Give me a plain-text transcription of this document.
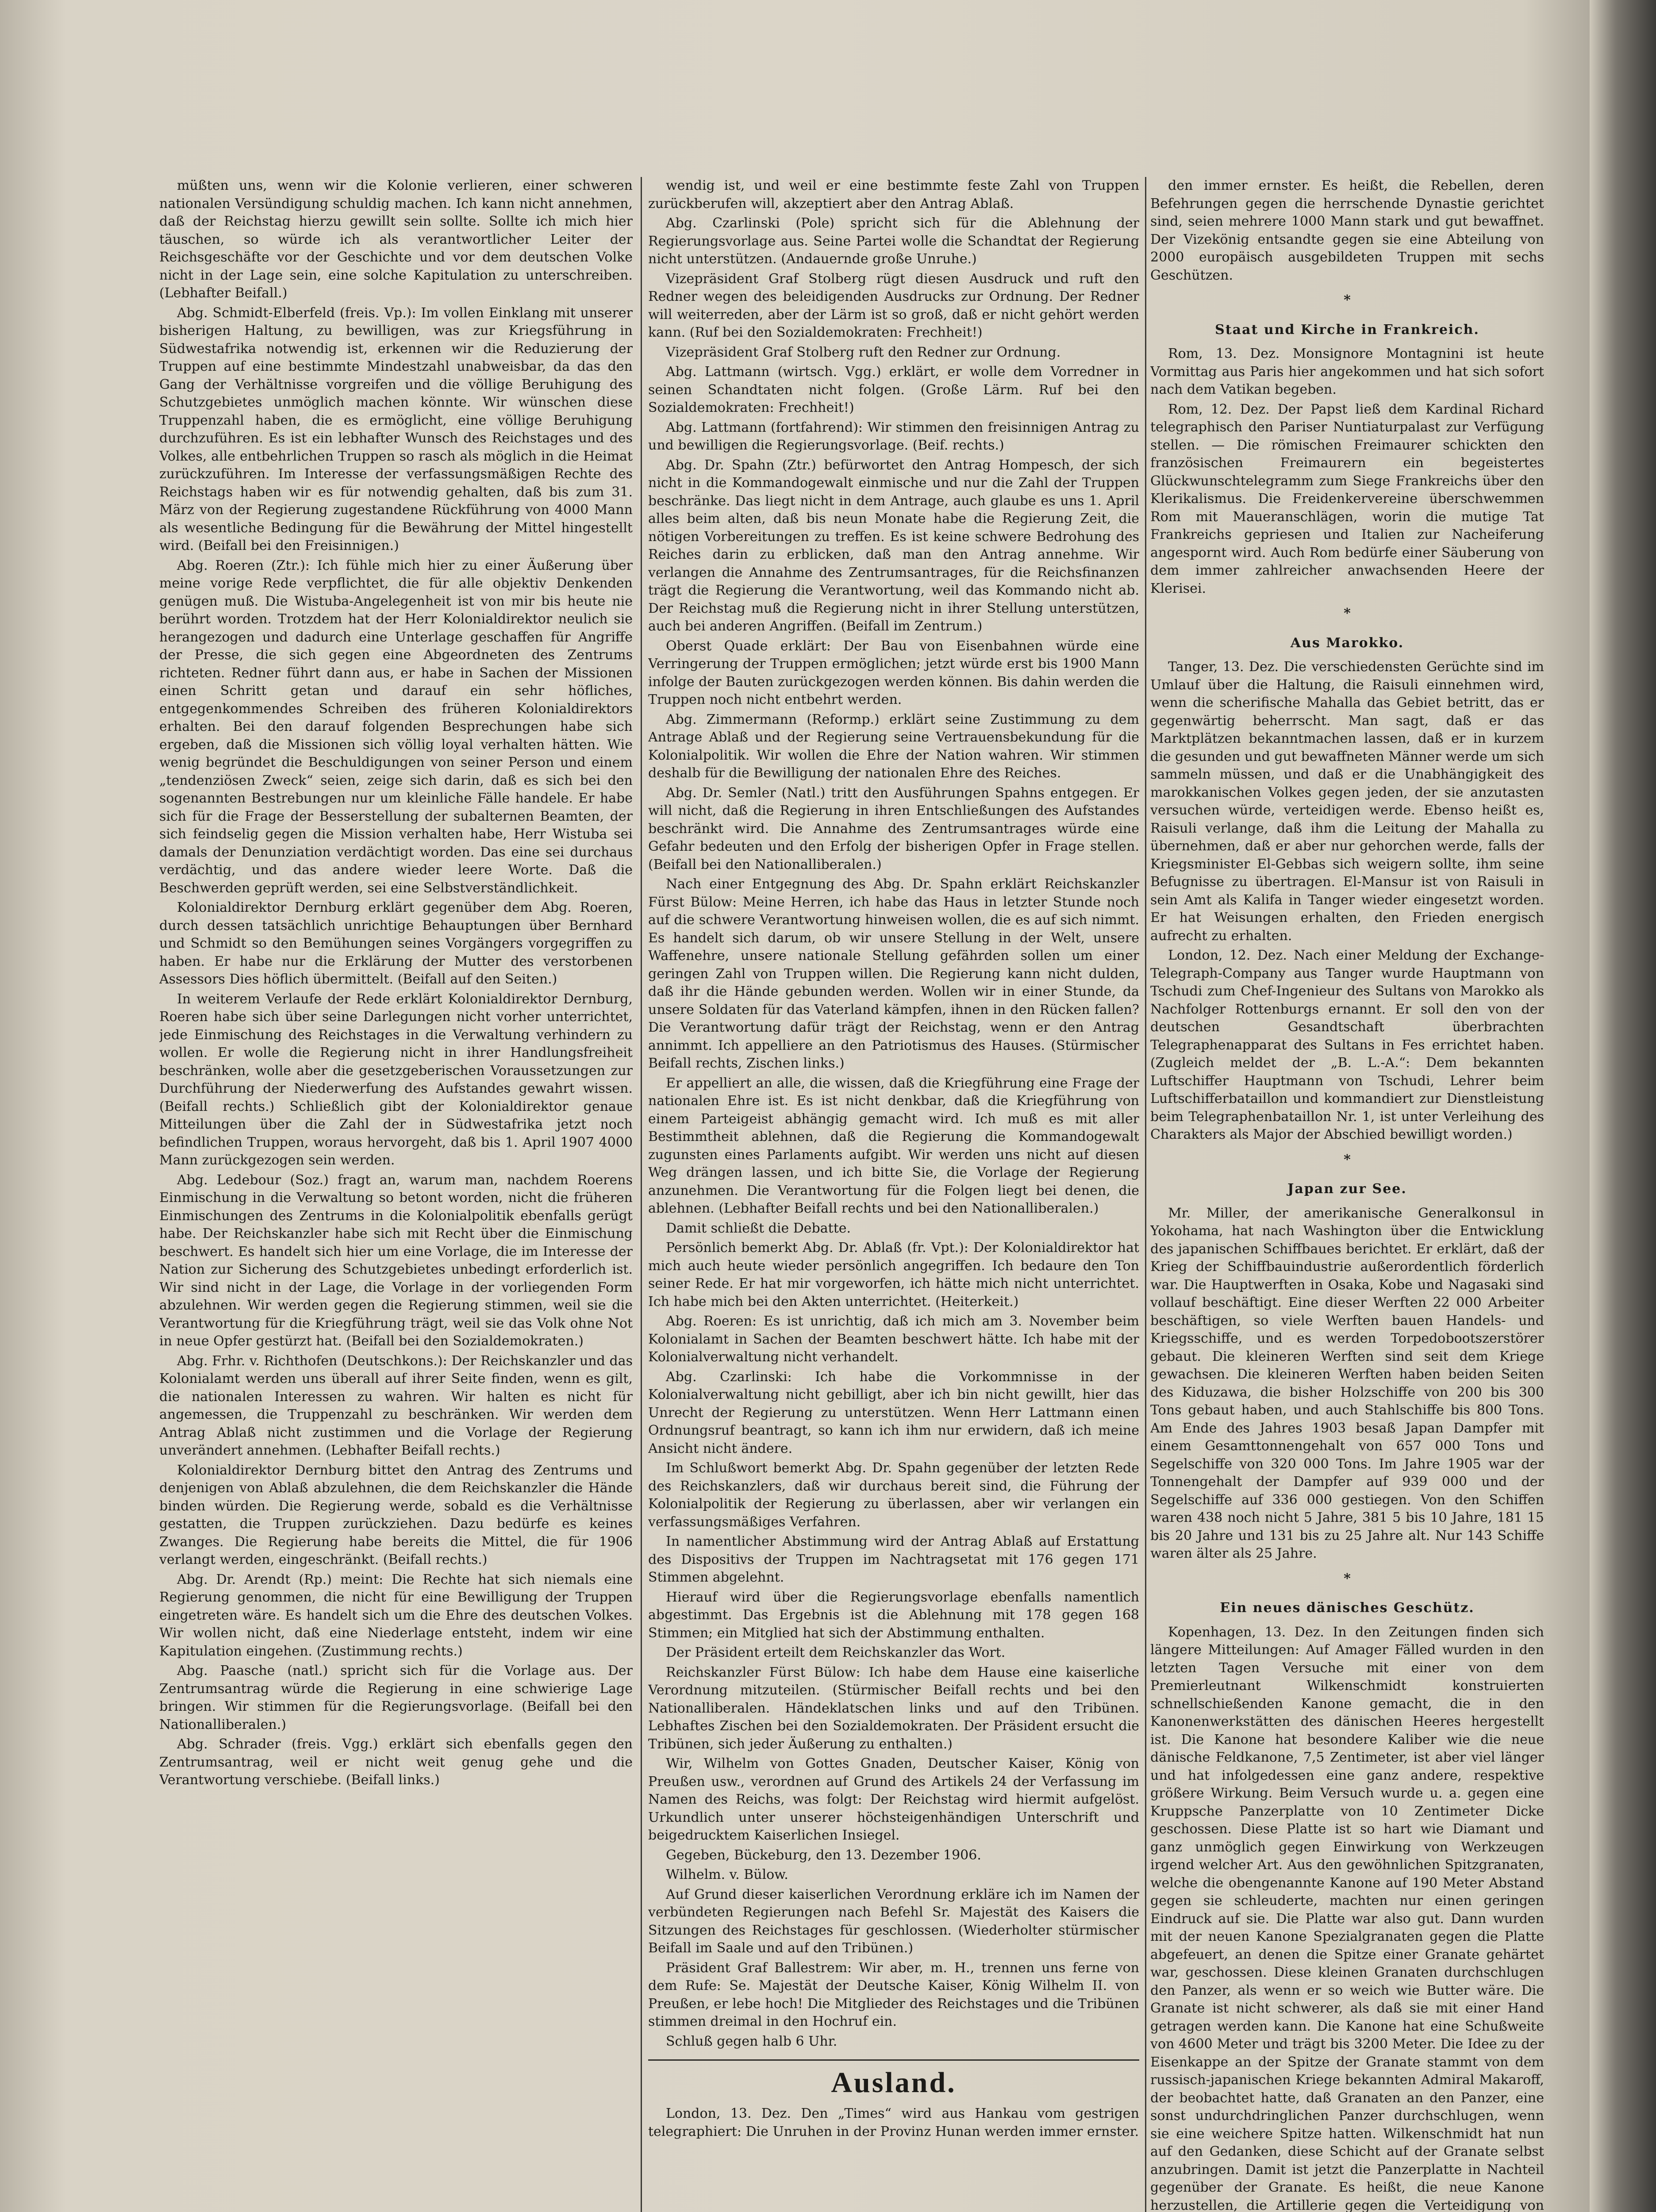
müßten uns, wenn wir die Kolonie verlieren, einer schweren nationalen Versündigung schuldig machen. Ich kann nicht annehmen, daß der Reichstag hierzu gewillt sein sollte. Sollte ich mich hier täuschen, so würde ich als verantwortlicher Leiter der Reichsgeschäfte vor der Geschichte und vor dem deutschen Volke nicht in der Lage sein, eine solche Kapitulation zu unterschreiben. (Lebhafter Beifall.)

Abg. Schmidt-Elberfeld (freis. Vp.): Im vollen Einklang mit unserer bisherigen Haltung, zu bewilligen, was zur Kriegsführung in Südwestafrika notwendig ist, erkennen wir die Reduzierung der Truppen auf eine bestimmte Mindestzahl unabweisbar, da das den Gang der Verhältnisse vorgreifen und die völlige Beruhigung des Schutzgebietes unmöglich machen könnte. Wir wünschen diese Truppenzahl haben, die es ermöglicht, eine völlige Beruhigung durchzuführen. Es ist ein lebhafter Wunsch des Reichstages und des Volkes, alle entbehrlichen Truppen so rasch als möglich in die Heimat zurückzuführen. Im Interesse der verfassungsmäßigen Rechte des Reichstags haben wir es für notwendig gehalten, daß bis zum 31. März von der Regierung zugestandene Rückführung von 4000 Mann als wesentliche Bedingung für die Bewährung der Mittel hingestellt wird. (Beifall bei den Freisinnigen.)

Abg. Roeren (Ztr.): Ich fühle mich hier zu einer Äußerung über meine vorige Rede verpflichtet, die für alle objektiv Denkenden genügen muß. Die Wistuba-Angelegenheit ist von mir bis heute nie berührt worden. Trotzdem hat der Herr Kolonialdirektor neulich sie herangezogen und dadurch eine Unterlage geschaffen für Angriffe der Presse, die sich gegen eine Abgeordneten des Zentrums richteten. Redner führt dann aus, er habe in Sachen der Missionen einen Schritt getan und darauf ein sehr höfliches, entgegenkommendes Schreiben des früheren Kolonialdirektors erhalten. Bei den darauf folgenden Besprechungen habe sich ergeben, daß die Missionen sich völlig loyal verhalten hätten. Wie wenig begründet die Beschuldigungen von seiner Person und einem „tendenziösen Zweck“ seien, zeige sich darin, daß es sich bei den sogenannten Bestrebungen nur um kleinliche Fälle handele. Er habe sich für die Frage der Besserstellung der subalternen Beamten, der sich feindselig gegen die Mission verhalten habe, Herr Wistuba sei damals der Denunziation verdächtigt worden. Das eine sei durchaus verdächtig, und das andere wieder leere Worte. Daß die Beschwerden geprüft werden, sei eine Selbstverständlichkeit.

Kolonialdirektor Dernburg erklärt gegenüber dem Abg. Roeren, durch dessen tatsächlich unrichtige Behauptungen über Bernhard und Schmidt so den Bemühungen seines Vorgängers vorgegriffen zu haben. Er habe nur die Erklärung der Mutter des verstorbenen Assessors Dies höflich übermittelt. (Beifall auf den Seiten.)

In weiterem Verlaufe der Rede erklärt Kolonialdirektor Dernburg, Roeren habe sich über seine Darlegungen nicht vorher unterrichtet, jede Einmischung des Reichstages in die Verwaltung verhindern zu wollen. Er wolle die Regierung nicht in ihrer Handlungsfreiheit beschränken, wolle aber die gesetzgeberischen Voraussetzungen zur Durchführung der Niederwerfung des Aufstandes gewahrt wissen. (Beifall rechts.) Schließlich gibt der Kolonialdirektor genaue Mitteilungen über die Zahl der in Südwestafrika jetzt noch befindlichen Truppen, woraus hervorgeht, daß bis 1. April 1907 4000 Mann zurückgezogen sein werden.

Abg. Ledebour (Soz.) fragt an, warum man, nachdem Roerens Einmischung in die Verwaltung so betont worden, nicht die früheren Einmischungen des Zentrums in die Kolonialpolitik ebenfalls gerügt habe. Der Reichskanzler habe sich mit Recht über die Einmischung beschwert. Es handelt sich hier um eine Vorlage, die im Interesse der Nation zur Sicherung des Schutzgebietes unbedingt erforderlich ist. Wir sind nicht in der Lage, die Vorlage in der vorliegenden Form abzulehnen. Wir werden gegen die Regierung stimmen, weil sie die Verantwortung für die Kriegführung trägt, weil sie das Volk ohne Not in neue Opfer gestürzt hat. (Beifall bei den Sozialdemokraten.)

Abg. Frhr. v. Richthofen (Deutschkons.): Der Reichskanzler und das Kolonialamt werden uns überall auf ihrer Seite finden, wenn es gilt, die nationalen Interessen zu wahren. Wir halten es nicht für angemessen, die Truppenzahl zu beschränken. Wir werden dem Antrag Ablaß nicht zustimmen und die Vorlage der Regierung unverändert annehmen. (Lebhafter Beifall rechts.)

Kolonialdirektor Dernburg bittet den Antrag des Zentrums und denjenigen von Ablaß abzulehnen, die dem Reichskanzler die Hände binden würden. Die Regierung werde, sobald es die Verhältnisse gestatten, die Truppen zurückziehen. Dazu bedürfe es keines Zwanges. Die Regierung habe bereits die Mittel, die für 1906 verlangt werden, eingeschränkt. (Beifall rechts.)

Abg. Dr. Arendt (Rp.) meint: Die Rechte hat sich niemals eine Regierung genommen, die nicht für eine Bewilligung der Truppen eingetreten wäre. Es handelt sich um die Ehre des deutschen Volkes. Wir wollen nicht, daß eine Niederlage entsteht, indem wir eine Kapitulation eingehen. (Zustimmung rechts.)

Abg. Paasche (natl.) spricht sich für die Vorlage aus. Der Zentrumsantrag würde die Regierung in eine schwierige Lage bringen. Wir stimmen für die Regierungsvorlage. (Beifall bei den Nationalliberalen.)

Abg. Schrader (freis. Vgg.) erklärt sich ebenfalls gegen den Zentrumsantrag, weil er nicht weit genug gehe und die Verantwortung verschiebe. (Beifall links.)

wendig ist, und weil er eine bestimmte feste Zahl von Truppen zurückberufen will, akzeptiert aber den Antrag Ablaß.

Abg. Czarlinski (Pole) spricht sich für die Ablehnung der Regierungsvorlage aus. Seine Partei wolle die Schandtat der Regierung nicht unterstützen. (Andauernde große Unruhe.)

Vizepräsident Graf Stolberg rügt diesen Ausdruck und ruft den Redner wegen des beleidigenden Ausdrucks zur Ordnung. Der Redner will weiterreden, aber der Lärm ist so groß, daß er nicht gehört werden kann. (Ruf bei den Sozialdemokraten: Frechheit!)

Vizepräsident Graf Stolberg ruft den Redner zur Ordnung.

Abg. Lattmann (wirtsch. Vgg.) erklärt, er wolle dem Vorredner in seinen Schandtaten nicht folgen. (Große Lärm. Ruf bei den Sozialdemokraten: Frechheit!)

Abg. Lattmann (fortfahrend): Wir stimmen den freisinnigen Antrag zu und bewilligen die Regierungsvorlage. (Beif. rechts.)

Abg. Dr. Spahn (Ztr.) befürwortet den Antrag Hompesch, der sich nicht in die Kommandogewalt einmische und nur die Zahl der Truppen beschränke. Das liegt nicht in dem Antrage, auch glaube es uns 1. April alles beim alten, daß bis neun Monate habe die Regierung Zeit, die nötigen Vorbereitungen zu treffen. Es ist keine schwere Bedrohung des Reiches darin zu erblicken, daß man den Antrag annehme. Wir verlangen die Annahme des Zentrumsantrages, für die Reichsfinanzen trägt die Regierung die Verantwortung, weil das Kommando nicht ab. Der Reichstag muß die Regierung nicht in ihrer Stellung unterstützen, auch bei anderen Angriffen. (Beifall im Zentrum.)

Oberst Quade erklärt: Der Bau von Eisenbahnen würde eine Verringerung der Truppen ermöglichen; jetzt würde erst bis 1900 Mann infolge der Bauten zurückgezogen werden können. Bis dahin werden die Truppen noch nicht entbehrt werden.

Abg. Zimmermann (Reformp.) erklärt seine Zustimmung zu dem Antrage Ablaß und der Regierung seine Vertrauensbekundung für die Kolonialpolitik. Wir wollen die Ehre der Nation wahren. Wir stimmen deshalb für die Bewilligung der nationalen Ehre des Reiches.

Abg. Dr. Semler (Natl.) tritt den Ausführungen Spahns entgegen. Er will nicht, daß die Regierung in ihren Entschließungen des Aufstandes beschränkt wird. Die Annahme des Zentrumsantrages würde eine Gefahr bedeuten und den Erfolg der bisherigen Opfer in Frage stellen. (Beifall bei den Nationalliberalen.)

Nach einer Entgegnung des Abg. Dr. Spahn erklärt Reichskanzler Fürst Bülow: Meine Herren, ich habe das Haus in letzter Stunde noch auf die schwere Verantwortung hinweisen wollen, die es auf sich nimmt. Es handelt sich darum, ob wir unsere Stellung in der Welt, unsere Waffenehre, unsere nationale Stellung gefährden sollen um einer geringen Zahl von Truppen willen. Die Regierung kann nicht dulden, daß ihr die Hände gebunden werden. Wollen wir in einer Stunde, da unsere Soldaten für das Vaterland kämpfen, ihnen in den Rücken fallen? Die Verantwortung dafür trägt der Reichstag, wenn er den Antrag annimmt. Ich appelliere an den Patriotismus des Hauses. (Stürmischer Beifall rechts, Zischen links.)

Er appelliert an alle, die wissen, daß die Kriegführung eine Frage der nationalen Ehre ist. Es ist nicht denkbar, daß die Kriegführung von einem Parteigeist abhängig gemacht wird. Ich muß es mit aller Bestimmtheit ablehnen, daß die Regierung die Kommandogewalt zugunsten eines Parlaments aufgibt. Wir werden uns nicht auf diesen Weg drängen lassen, und ich bitte Sie, die Vorlage der Regierung anzunehmen. Die Verantwortung für die Folgen liegt bei denen, die ablehnen. (Lebhafter Beifall rechts und bei den Nationalliberalen.)

Damit schließt die Debatte.

Persönlich bemerkt Abg. Dr. Ablaß (fr. Vpt.): Der Kolonialdirektor hat mich auch heute wieder persönlich angegriffen. Ich bedaure den Ton seiner Rede. Er hat mir vorgeworfen, ich hätte mich nicht unterrichtet. Ich habe mich bei den Akten unterrichtet. (Heiterkeit.)

Abg. Roeren: Es ist unrichtig, daß ich mich am 3. November beim Kolonialamt in Sachen der Beamten beschwert hätte. Ich habe mit der Kolonialverwaltung nicht verhandelt.

Abg. Czarlinski: Ich habe die Vorkommnisse in der Kolonialverwaltung nicht gebilligt, aber ich bin nicht gewillt, hier das Unrecht der Regierung zu unterstützen. Wenn Herr Lattmann einen Ordnungsruf beantragt, so kann ich ihm nur erwidern, daß ich meine Ansicht nicht ändere.

Im Schlußwort bemerkt Abg. Dr. Spahn gegenüber der letzten Rede des Reichskanzlers, daß wir durchaus bereit sind, die Führung der Kolonialpolitik der Regierung zu überlassen, aber wir verlangen ein verfassungsmäßiges Verfahren.

In namentlicher Abstimmung wird der Antrag Ablaß auf Erstattung des Dispositivs der Truppen im Nachtragsetat mit 176 gegen 171 Stimmen abgelehnt.

Hierauf wird über die Regierungsvorlage ebenfalls namentlich abgestimmt. Das Ergebnis ist die Ablehnung mit 178 gegen 168 Stimmen; ein Mitglied hat sich der Abstimmung enthalten.

Der Präsident erteilt dem Reichskanzler das Wort.

Reichskanzler Fürst Bülow: Ich habe dem Hause eine kaiserliche Verordnung mitzuteilen. (Stürmischer Beifall rechts und bei den Nationalliberalen. Händeklatschen links und auf den Tribünen. Lebhaftes Zischen bei den Sozialdemokraten. Der Präsident ersucht die Tribünen, sich jeder Äußerung zu enthalten.)

Wir, Wilhelm von Gottes Gnaden, Deutscher Kaiser, König von Preußen usw., verordnen auf Grund des Artikels 24 der Verfassung im Namen des Reichs, was folgt: Der Reichstag wird hiermit aufgelöst. Urkundlich unter unserer höchsteigenhändigen Unterschrift und beigedrucktem Kaiserlichen Insiegel.

Gegeben, Bückeburg, den 13. Dezember 1906.

Wilhelm. v. Bülow.

Auf Grund dieser kaiserlichen Verordnung erkläre ich im Namen der verbündeten Regierungen nach Befehl Sr. Majestät des Kaisers die Sitzungen des Reichstages für geschlossen. (Wiederholter stürmischer Beifall im Saale und auf den Tribünen.)

Präsident Graf Ballestrem: Wir aber, m. H., trennen uns ferne von dem Rufe: Se. Majestät der Deutsche Kaiser, König Wilhelm II. von Preußen, er lebe hoch! Die Mitglieder des Reichstages und die Tribünen stimmen dreimal in den Hochruf ein.

Schluß gegen halb 6 Uhr.

Ausland.

London, 13. Dez. Den „Times“ wird aus Hankau vom gestrigen telegraphiert: Die Unruhen in der Provinz Hunan werden immer ernster.

den immer ernster. Es heißt, die Rebellen, deren Befehrungen gegen die herrschende Dynastie gerichtet sind, seien mehrere 1000 Mann stark und gut bewaffnet. Der Vizekönig entsandte gegen sie eine Abteilung von 2000 europäisch ausgebildeten Truppen mit sechs Geschützen.

*
Staat und Kirche in Frankreich.

Rom, 13. Dez. Monsignore Montagnini ist heute Vormittag aus Paris hier angekommen und hat sich sofort nach dem Vatikan begeben.

Rom, 12. Dez. Der Papst ließ dem Kardinal Richard telegraphisch den Pariser Nuntiaturpalast zur Verfügung stellen. — Die römischen Freimaurer schickten den französischen Freimaurern ein begeistertes Glückwunschtelegramm zum Siege Frankreichs über den Klerikalismus. Die Freidenkervereine überschwemmen Rom mit Maueranschlägen, worin die mutige Tat Frankreichs gepriesen und Italien zur Nacheiferung angespornt wird. Auch Rom bedürfe einer Säuberung von dem immer zahlreicher anwachsenden Heere der Klerisei.

*
Aus Marokko.

Tanger, 13. Dez. Die verschiedensten Gerüchte sind im Umlauf über die Haltung, die Raisuli einnehmen wird, wenn die scherifische Mahalla das Gebiet betritt, das er gegenwärtig beherrscht. Man sagt, daß er das Marktplätzen bekanntmachen lassen, daß er in kurzem die gesunden und gut bewaffneten Männer werde um sich sammeln müssen, und daß er die Unabhängigkeit des marokkanischen Volkes gegen jeden, der sie anzutasten versuchen würde, verteidigen werde. Ebenso heißt es, Raisuli verlange, daß ihm die Leitung der Mahalla zu übernehmen, daß er aber nur gehorchen werde, falls der Kriegsminister El-Gebbas sich weigern sollte, ihm seine Befugnisse zu übertragen. El-Mansur ist von Raisuli in sein Amt als Kalifa in Tanger wieder eingesetzt worden. Er hat Weisungen erhalten, den Frieden energisch aufrecht zu erhalten.

London, 12. Dez. Nach einer Meldung der Exchange-Telegraph-Company aus Tanger wurde Hauptmann von Tschudi zum Chef-Ingenieur des Sultans von Marokko als Nachfolger Rottenburgs ernannt. Er soll den von der deutschen Gesandtschaft überbrachten Telegraphenapparat des Sultans in Fes errichtet haben. (Zugleich meldet der „B. L.-A.“: Dem bekannten Luftschiffer Hauptmann von Tschudi, Lehrer beim Luftschifferbataillon und kommandiert zur Dienstleistung beim Telegraphenbataillon Nr. 1, ist unter Verleihung des Charakters als Major der Abschied bewilligt worden.)

*
Japan zur See.

Mr. Miller, der amerikanische Generalkonsul in Yokohama, hat nach Washington über die Entwicklung des japanischen Schiffbaues berichtet. Er erklärt, daß der Krieg der Schiffbauindustrie außerordentlich förderlich war. Die Hauptwerften in Osaka, Kobe und Nagasaki sind vollauf beschäftigt. Eine dieser Werften 22 000 Arbeiter beschäftigen, so viele Werften bauen Handels- und Kriegsschiffe, und es werden Torpedobootszerstörer gebaut. Die kleineren Werften sind seit dem Kriege gewachsen. Die kleineren Werften haben beiden Seiten des Kiduzawa, die bisher Holzschiffe von 200 bis 300 Tons gebaut haben, und auch Stahlschiffe bis 800 Tons. Am Ende des Jahres 1903 besaß Japan Dampfer mit einem Gesamttonnengehalt von 657 000 Tons und Segelschiffe von 320 000 Tons. Im Jahre 1905 war der Tonnengehalt der Dampfer auf 939 000 und der Segelschiffe auf 336 000 gestiegen. Von den Schiffen waren 438 noch nicht 5 Jahre, 381 5 bis 10 Jahre, 181 15 bis 20 Jahre und 131 bis zu 25 Jahre alt. Nur 143 Schiffe waren älter als 25 Jahre.

*
Ein neues dänisches Geschütz.

Kopenhagen, 13. Dez. In den Zeitungen finden sich längere Mitteilungen: Auf Amager Fälled wurden in den letzten Tagen Versuche mit einer von dem Premierleutnant Wilkenschmidt konstruierten schnellschießenden Kanone gemacht, die in den Kanonenwerkstätten des dänischen Heeres hergestellt ist. Die Kanone hat besondere Kaliber wie die neue dänische Feldkanone, 7,5 Zentimeter, ist aber viel länger und hat infolgedessen eine ganz andere, respektive größere Wirkung. Beim Versuch wurde u. a. gegen eine Kruppsche Panzerplatte von 10 Zentimeter Dicke geschossen. Diese Platte ist so hart wie Diamant und ganz unmöglich gegen Einwirkung von Werkzeugen irgend welcher Art. Aus den gewöhnlichen Spitzgranaten, welche die obengenannte Kanone auf 190 Meter Abstand gegen sie schleuderte, machten nur einen geringen Eindruck auf sie. Die Platte war also gut. Dann wurden mit der neuen Kanone Spezialgranaten gegen die Platte abgefeuert, an denen die Spitze einer Granate gehärtet war, geschossen. Diese kleinen Granaten durchschlugen den Panzer, als wenn er so weich wie Butter wäre. Die Granate ist nicht schwerer, als daß sie mit einer Hand getragen werden kann. Die Kanone hat eine Schußweite von 4600 Meter und trägt bis 3200 Meter. Die Idee zu der Eisenkappe an der Spitze der Granate stammt von dem russisch-japanischen Kriege bekannten Admiral Makaroff, der beobachtet hatte, daß Granaten an den Panzer, eine sonst undurchdringlichen Panzer durchschlugen, wenn sie eine weichere Spitze hatten. Wilkenschmidt hat nun auf den Gedanken, diese Schicht auf der Granate selbst anzubringen. Damit ist jetzt die Panzerplatte in Nachteil gegenüber der Granate. Es heißt, die neue Kanone herzustellen, die Artillerie gegen die Verteidigung von
